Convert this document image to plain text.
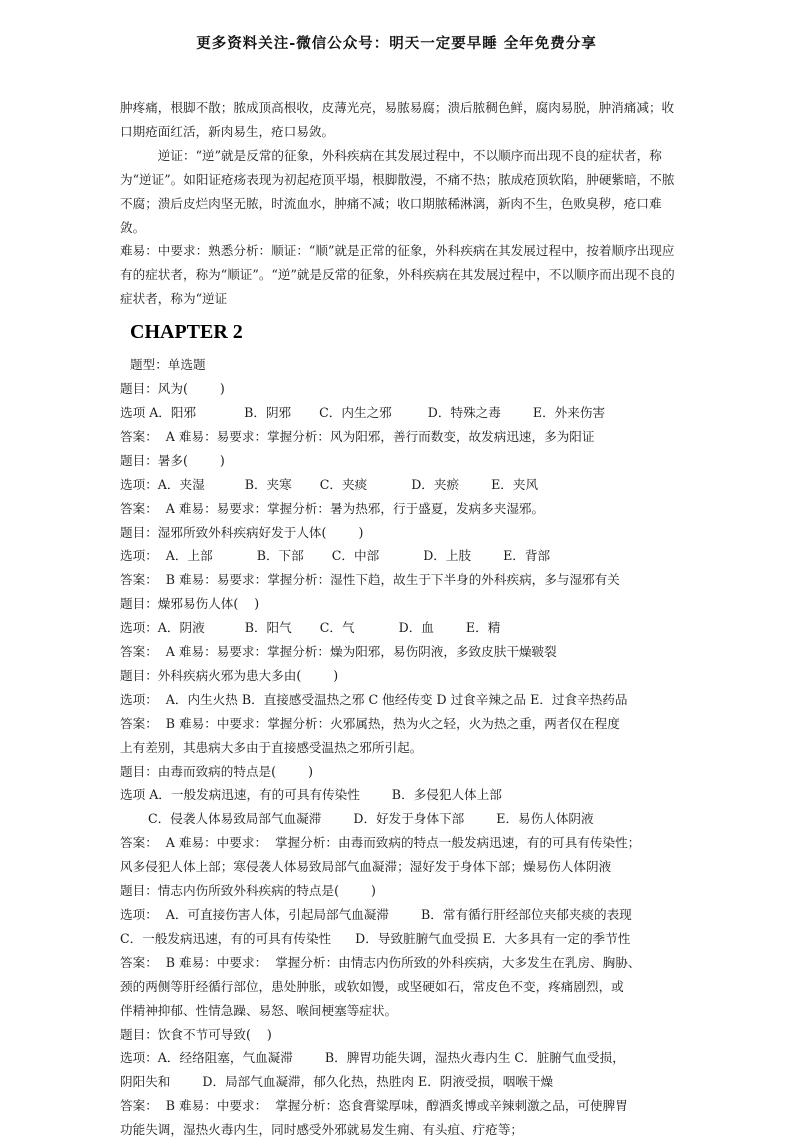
更多资料关注-微信公众号：明天一定要早睡 全年免费分享

肿疼痛，根脚不散；脓成顶高根收，皮薄光亮，易脓易腐；溃后脓稠色鲜，腐肉易脱，肿消痛减；收口期疮面红活，新肉易生，疮口易敛。

逆证：“逆”就是反常的征象，外科疾病在其发展过程中，不以顺序而出现不良的症状者，称为“逆证”。如阳证疮疡表现为初起疮顶平塌，根脚散漫，不痛不热；脓成疮顶软陷，肿硬紫暗，不脓不腐；溃后皮烂肉坚无脓，时流血水，肿痛不减；收口期脓稀淋漓，新肉不生，色败臭秽，疮口难敛。

难易：中要求：熟悉分析：顺证：“顺”就是正常的征象，外科疾病在其发展过程中，按着顺序出现应有的症状者，称为“顺证”。“逆”就是反常的征象，外科疾病在其发展过程中，不以顺序而出现不良的症状者，称为“逆证

CHAPTER 2
题型：单选题
题目：风为(        )
选项 A．阳邪            B．阴邪       C．内生之邪         D．特殊之毒        E．外来伤害
答案：  A 难易：易要求：掌握分析：风为阳邪，善行而数变，故发病迅速，多为阳证
题目：暑多(        )
选项：A．夹湿          B．夹寒       C．夹痰           D．夹瘀        E．夹风
答案：  A 难易：易要求：掌握分析：暑为热邪，行于盛夏，发病多夹湿邪。
题目：湿邪所致外科疾病好发于人体(        )
选项：  A．上部           B．下部       C．中部           D．上肢        E．背部
答案：  B 难易：易要求：掌握分析：湿性下趋，故生于下半身的外科疾病，多与湿邪有关
题目：燥邪易伤人体(    )
选项：A．阴液          B．阳气       C．气           D．血        E．精
答案：  A 难易：易要求：掌握分析：燥为阳邪，易伤阴液，多致皮肤干燥皲裂
题目：外科疾病火邪为患大多由(        )
选项：  A．内生火热 B．直接感受温热之邪 C 他经传变 D 过食辛辣之品 E．过食辛热药品
答案：  B 难易：中要求：掌握分析：火邪属热，热为火之轻，火为热之重，两者仅在程度
上有差别，其患病大多由于直接感受温热之邪所引起。
题目：由毒而致病的特点是(        )
选项 A．一般发病迅速，有的可具有传染性        B．多侵犯人体上部
C．侵袭人体易致局部气血凝滞        D．好发于身体下部        E．易伤人体阴液
答案：  A 难易：中要求：  掌握分析：由毒而致病的特点一般发病迅速，有的可具有传染性；
风多侵犯人体上部；寒侵袭人体易致局部气血凝滞；湿好发于身体下部；燥易伤人体阴液
题目：情志内伤所致外科疾病的特点是(        )
选项：  A．可直接伤害人体，引起局部气血凝滞        B．常有循行肝经部位夹郁夹痰的表现
C．一般发病迅速，有的可具有传染性      D．导致脏腑气血受损 E．大多具有一定的季节性
答案：  B 难易：中要求：  掌握分析：由情志内伤所致的外科疾病，大多发生在乳房、胸胁、
颈的两侧等肝经循行部位，患处肿胀，或软如馒，或坚硬如石，常皮色不变，疼痛剧烈，或
伴精神抑郁、性情急躁、易怒、喉间梗塞等症状。
题目：饮食不节可导致(    )
选项：A．经络阻塞，气血凝滞        B．脾胃功能失调，湿热火毒内生 C．脏腑气血受损，
阴阳失和        D．局部气血凝滞，郁久化热，热胜肉 E．阴液受损，咽喉干燥
答案：  B 难易：中要求：  掌握分析：恣食膏粱厚味，醇酒炙博或辛辣刺激之品，可使脾胃
功能失调，湿热火毒内生，同时感受外邪就易发生痈、有头疽、疔疮等；
